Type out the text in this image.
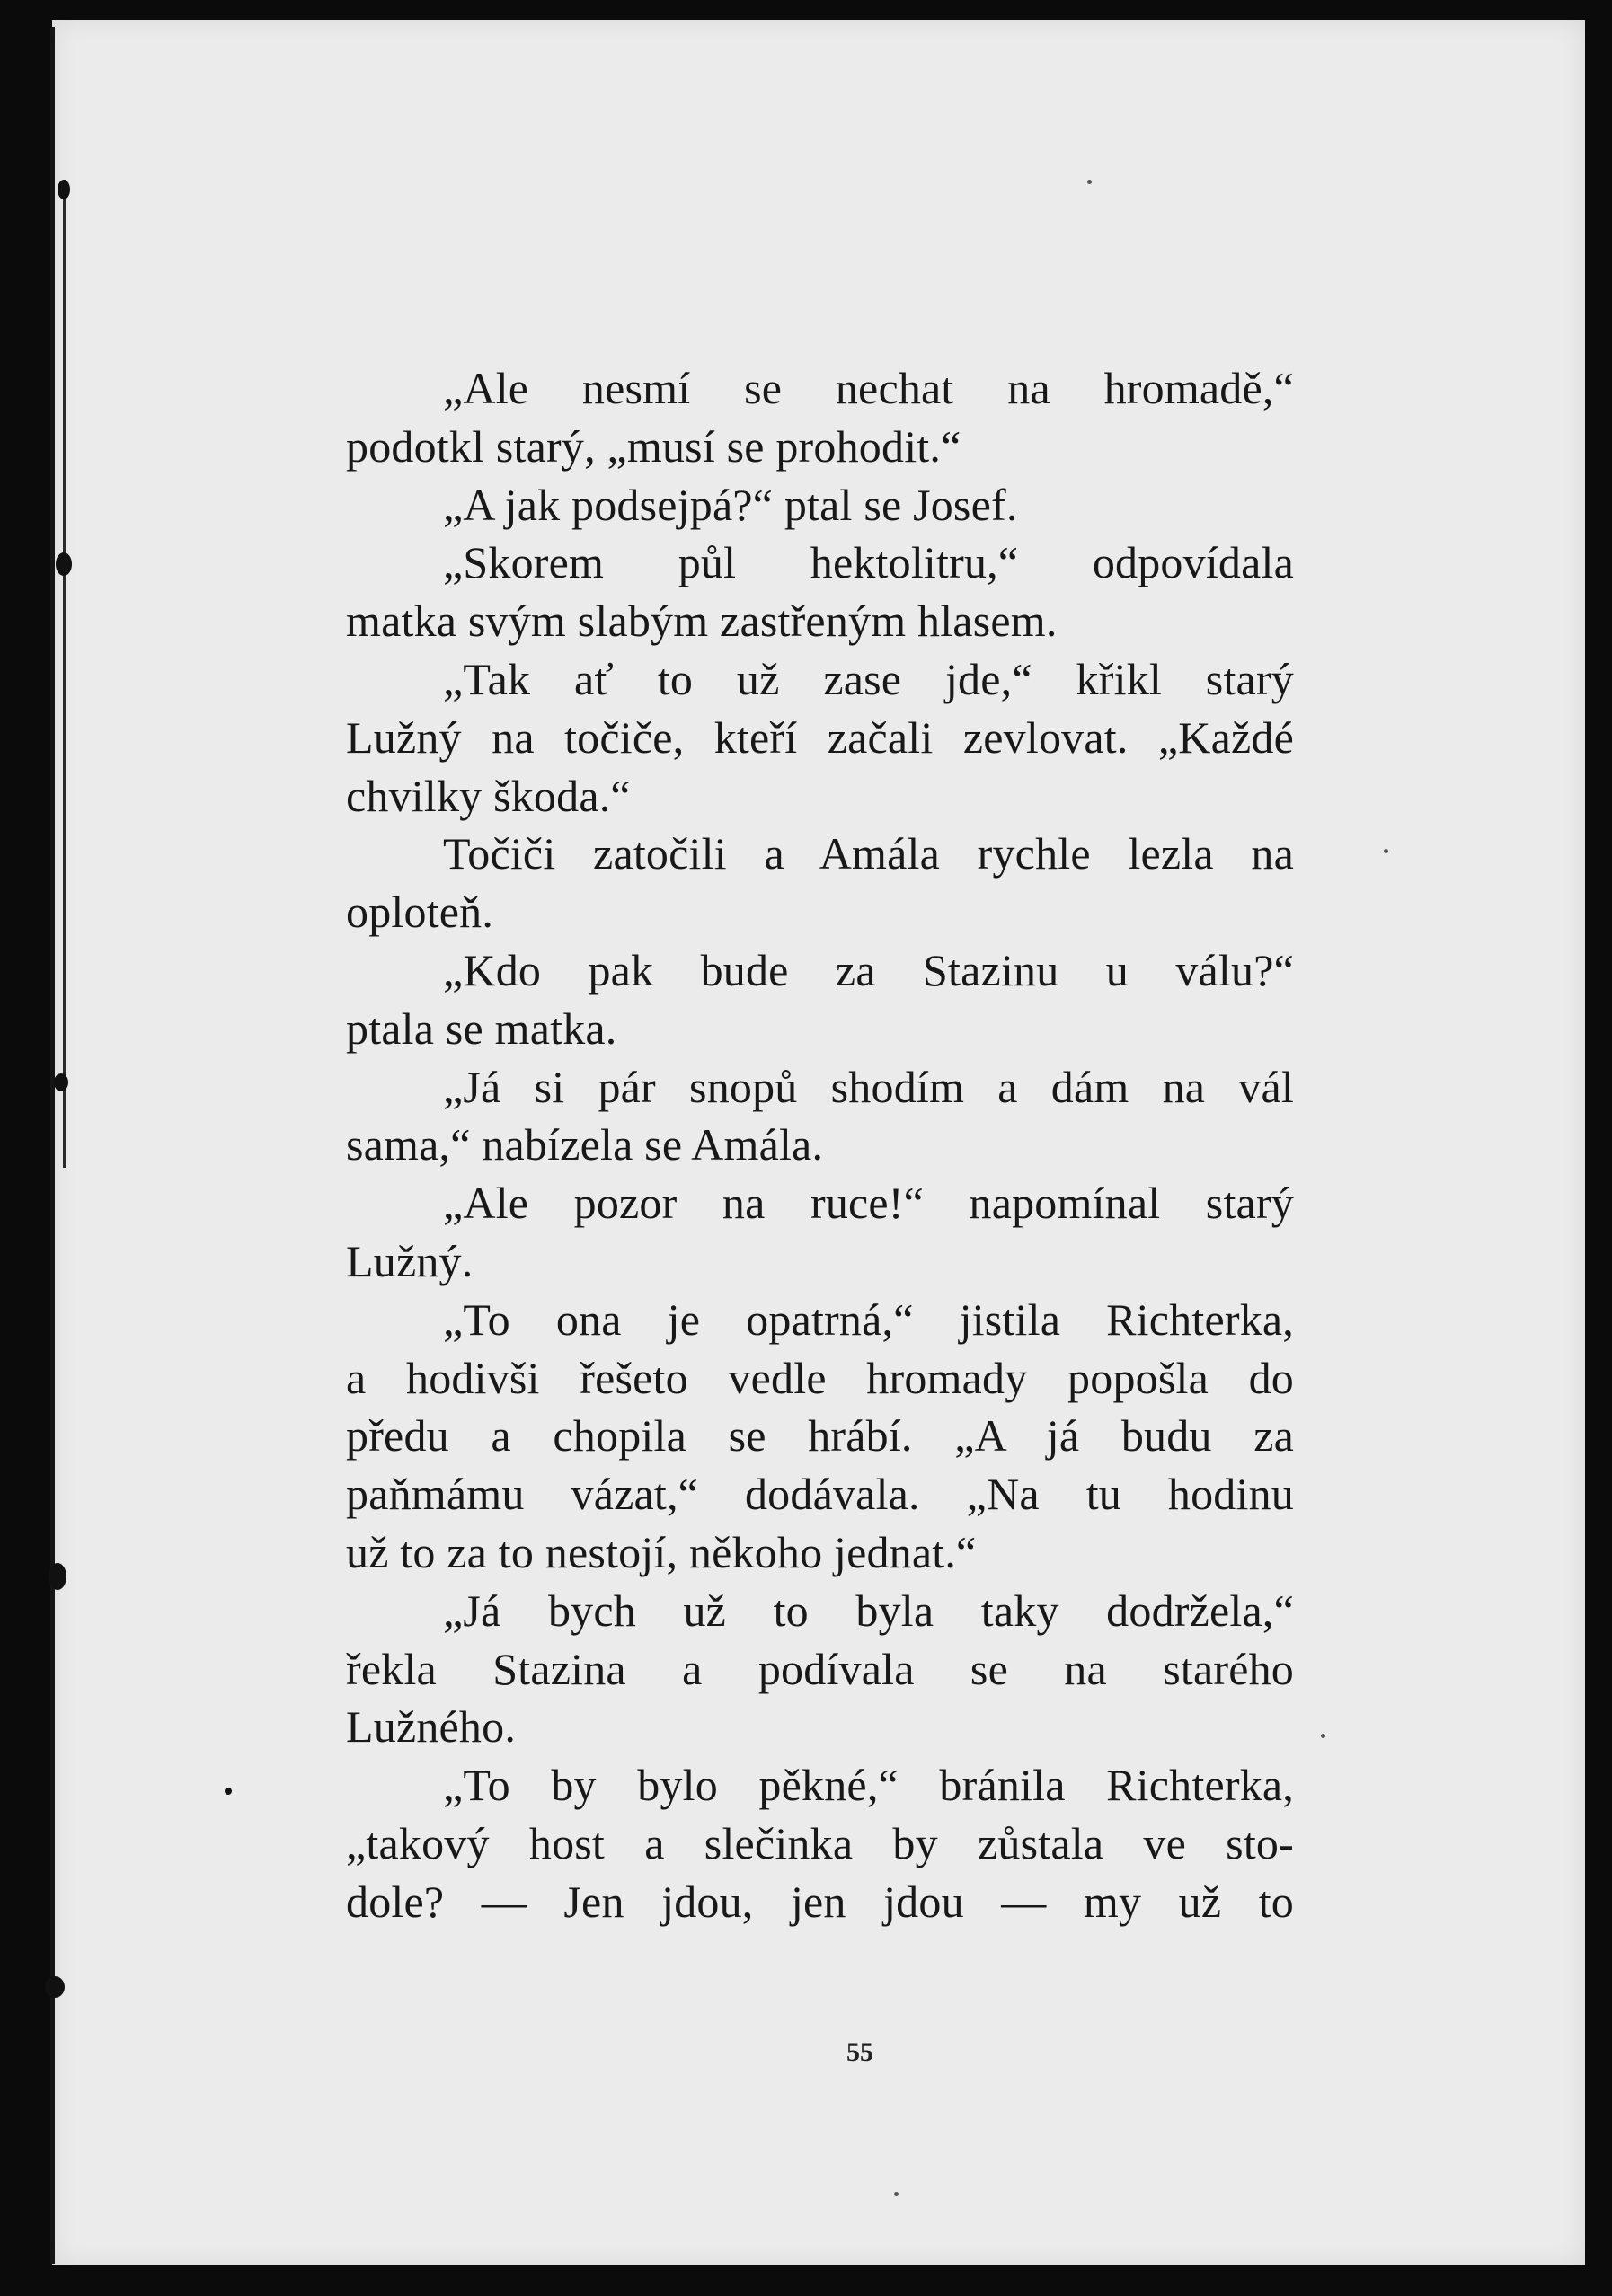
„Ale nesmí se nechat na hromadě,“
podotkl starý, „musí se prohodit.“
„A jak podsejpá?“ ptal se Josef.
„Skorem půl hektolitru,“ odpovídala
matka svým slabým zastřeným hlasem.
„Tak ať to už zase jde,“ křikl starý
Lužný na točiče, kteří začali zevlovat. „Každé
chvilky škoda.“
Točiči zatočili a Amála rychle lezla na
oploteň.
„Kdo pak bude za Stazinu u válu?“
ptala se matka.
„Já si pár snopů shodím a dám na vál
sama,“ nabízela se Amála.
„Ale pozor na ruce!“ napomínal starý
Lužný.
„To ona je opatrná,“ jistila Richterka,
a hodivši řešeto vedle hromady popošla do
předu a chopila se hrábí. „A já budu za
paňmámu vázat,“ dodávala. „Na tu hodinu
už to za to nestojí, někoho jednat.“
„Já bych už to byla taky dodržela,“
řekla Stazina a podívala se na starého
Lužného.
„To by bylo pěkné,“ bránila Richterka,
„takový host a slečinka by zůstala ve sto-
dole? — Jen jdou, jen jdou — my už to
55
